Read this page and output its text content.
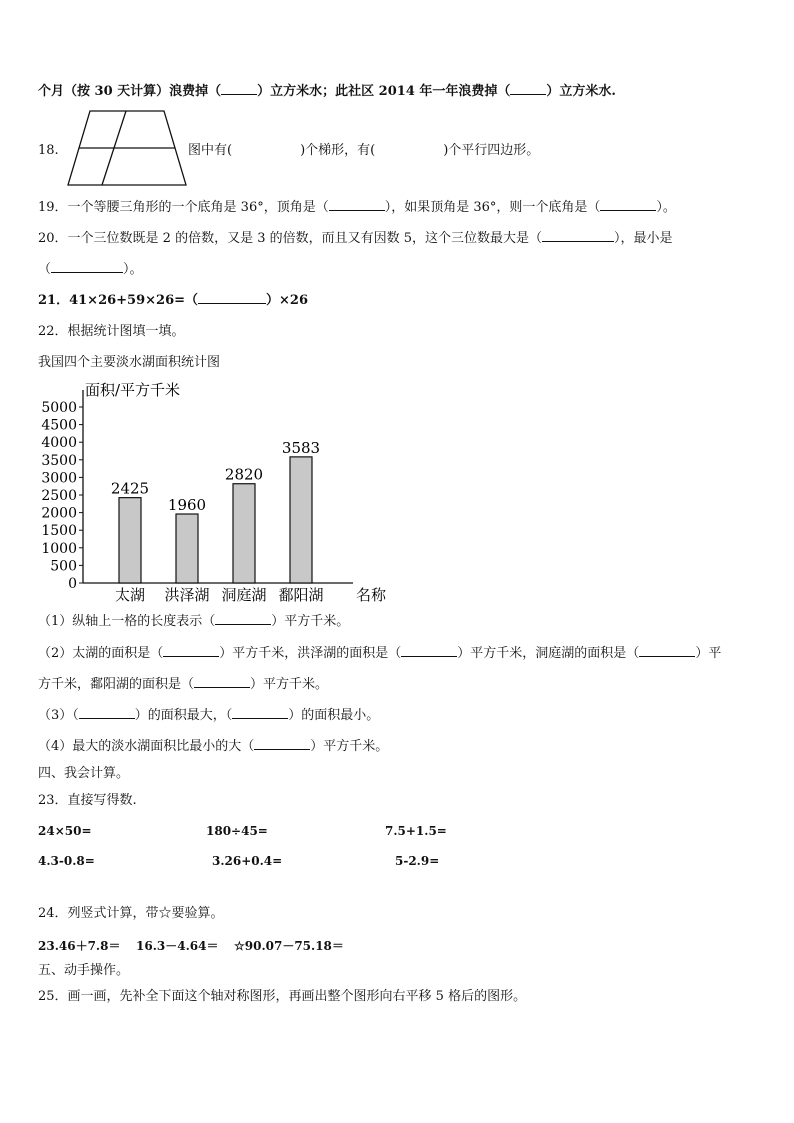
个月（按 30 天计算）浪费掉（	）立方米水；此社区 2014 年一年浪费掉（	）立方米水.
18.	图中有(	)个梯形，有(	)个平行四边形。
19．一个等腰三角形的一个底角是 36°，顶角是（	），如果顶角是 36°，则一个底角是（	）。
20．一个三位数既是 2 的倍数，又是 3 的倍数，而且又有因数 5，这个三位数最大是（	），最小是
（	）。
21．41×26+59×26=（	）×26
22．根据统计图填一填。
我国四个主要淡水湖面积统计图
面积/平方千米
名称
0
500
1000
1500
2000
2500
3000
3500
4000
4500
5000
2425
太湖
1960
洪泽湖
2820
洞庭湖
3583
鄱阳湖
（1）纵轴上一格的长度表示（	）平方千米。
（2）太湖的面积是（	）平方千米，洪泽湖的面积是（	）平方千米，洞庭湖的面积是（	）平
方千米，鄱阳湖的面积是（	）平方千米。
（3）（	）的面积最大，（	）的面积最小。
（4）最大的淡水湖面积比最小的大（	）平方千米。
四、我会计算。
23．直接写得数.
24×50=	180÷45=	7.5+1.5=
4.3-0.8=	3.26+0.4=	5-2.9=
24．列竖式计算，带☆要验算。
23.46＋7.8＝ 16.3－4.64＝ ☆90.07－75.18＝
五、动手操作。
25．画一画，先补全下面这个轴对称图形，再画出整个图形向右平移 5 格后的图形。
